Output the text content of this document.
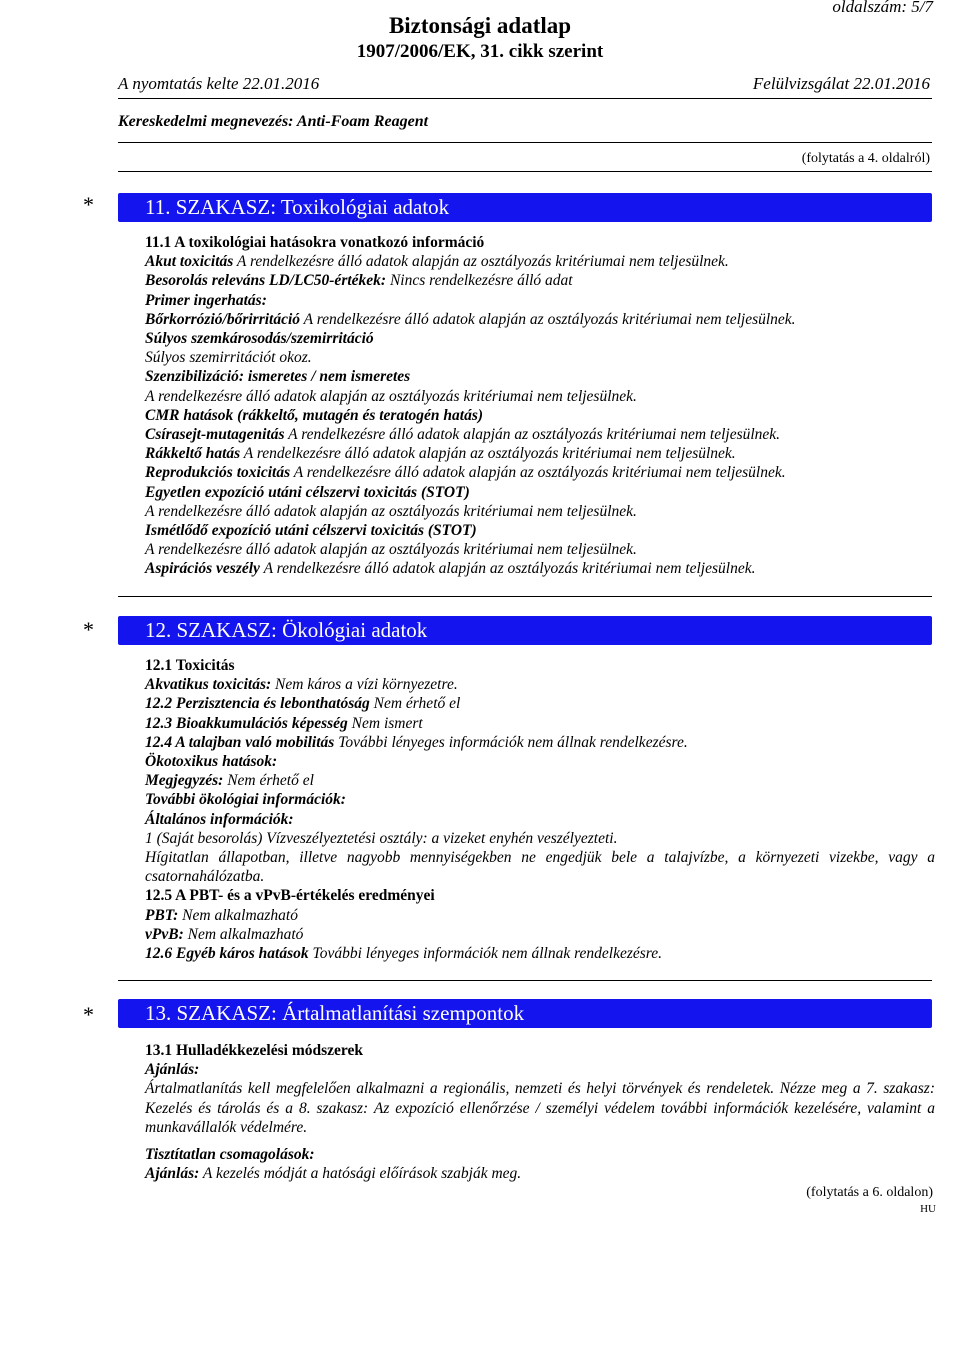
oldalszám: 5/7
Biztonsági adatlap
1907/2006/EK, 31. cikk szerint
A nyomtatás kelte 22.01.2016	Felülvizsgálat 22.01.2016
Kereskedelmi megnevezés: Anti-Foam Reagent
(folytatás a 4. oldalról)
* 11. SZAKASZ: Toxikológiai adatok
11.1 A toxikológiai hatásokra vonatkozó információ
Akut toxicitás A rendelkezésre álló adatok alapján az osztályozás kritériumai nem teljesülnek.
Besorolás releváns LD/LC50-értékek: Nincs rendelkezésre álló adat
Primer ingerhatás:
Bőrkorrózió/bőrirritáció A rendelkezésre álló adatok alapján az osztályozás kritériumai nem teljesülnek.
Súlyos szemkárosodás/szemirritáció
Súlyos szemirritációt okoz.
Szenzibilizáció: ismeretes / nem ismeretes
A rendelkezésre álló adatok alapján az osztályozás kritériumai nem teljesülnek.
CMR hatások (rákkeltő, mutagén és teratogén hatás)
Csírasejt-mutagenitás A rendelkezésre álló adatok alapján az osztályozás kritériumai nem teljesülnek.
Rákkeltő hatás A rendelkezésre álló adatok alapján az osztályozás kritériumai nem teljesülnek.
Reprodukciós toxicitás A rendelkezésre álló adatok alapján az osztályozás kritériumai nem teljesülnek.
Egyetlen expozíció utáni célszervi toxicitás (STOT)
A rendelkezésre álló adatok alapján az osztályozás kritériumai nem teljesülnek.
Ismétlődő expozíció utáni célszervi toxicitás (STOT)
A rendelkezésre álló adatok alapján az osztályozás kritériumai nem teljesülnek.
Aspirációs veszély A rendelkezésre álló adatok alapján az osztályozás kritériumai nem teljesülnek.
* 12. SZAKASZ: Ökológiai adatok
12.1 Toxicitás
Akvatikus toxicitás: Nem káros a vízi környezetre.
12.2 Perzisztencia és lebonthatóság Nem érhető el
12.3 Bioakkumulációs képesség Nem ismert
12.4 A talajban való mobilitás További lényeges információk nem állnak rendelkezésre.
Ökotoxikus hatások:
Megjegyzés: Nem érhető el
További ökológiai információk:
Általános információk:
1 (Saját besorolás) Vízveszélyeztetési osztály: a vizeket enyhén veszélyezteti.
Hígitatlan állapotban, illetve nagyobb mennyiségekben ne engedjük bele a talajvízbe, a környezeti vizekbe, vagy a csatornahálózatba.
12.5 A PBT- és a vPvB-értékelés eredményei
PBT: Nem alkalmazható
vPvB: Nem alkalmazható
12.6 Egyéb káros hatások További lényeges információk nem állnak rendelkezésre.
* 13. SZAKASZ: Ártalmatlanítási szempontok
13.1 Hulladékkezelési módszerek
Ajánlás:
Ártalmatlanítás kell megfelelően alkalmazni a regionális, nemzeti és helyi törvények és rendeletek. Nézze meg a 7. szakasz: Kezelés és tárolás és a 8. szakasz: Az expozíció ellenőrzése / személyi védelem további információk kezelésére, valamint a munkavállalók védelmére.
Tisztítatlan csomagolások:
Ajánlás: A kezelés módját a hatósági előírások szabják meg.
(folytatás a 6. oldalon)
HU
